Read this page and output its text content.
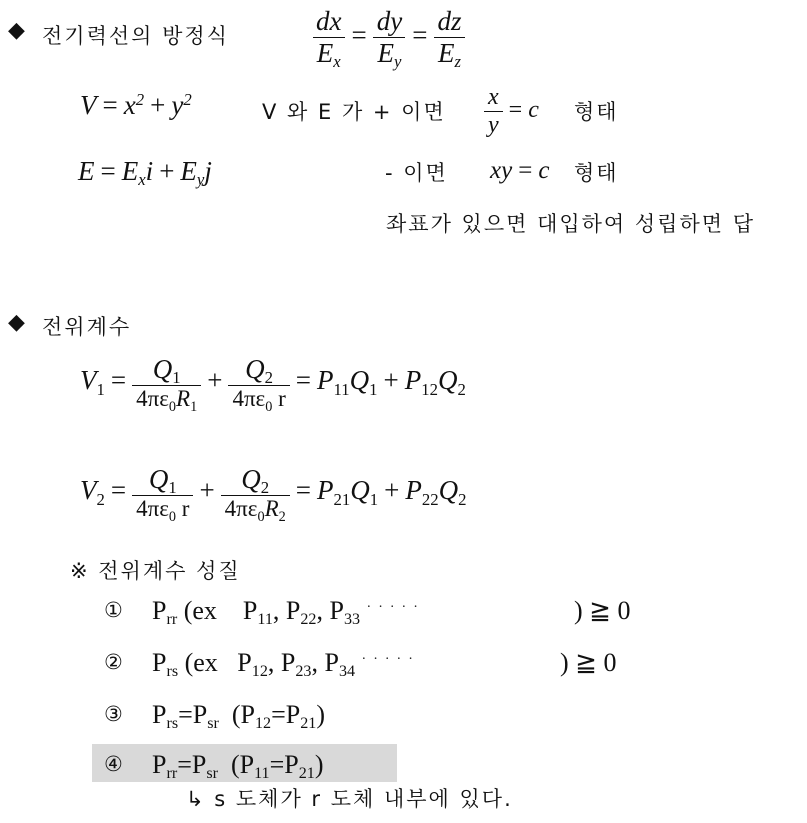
◆ 전기력선의 방정식	$\frac{dx}{Ex} = \frac{dy}{Ey} = \frac{dz}{Ez}$
$V = x^2 + y^2$
V 와 E 가 + 이면 $\frac{x}{y} = c$ 형태
E = Exi + Eyj	- 이면 xy = c 형태
좌표가 있으면 대입하여 성립하면 답
◆ 전위계수
$V1 = \frac{Q1}{4\pi\varepsilon 0R1} + \frac{Q2}{4\pi\varepsilon 0 r} = P11Q1 + P12Q2$
$V2 = \frac{Q1}{4\pi\varepsilon 0 r} + \frac{Q2}{4\pi\varepsilon 0R2} = P21Q1 + P22Q2$
※ 전위계수 성질
① Prr (ex    P11, P22, P33 ·····	) ≧ 0
② Prs (ex   P12, P23, P34 ·····	) ≧ 0
③ Prs=Psr  (P12=P21)
④ Prr=Psr  (P11=P21)
↳ s 도체가 r 도체 내부에 있다.
